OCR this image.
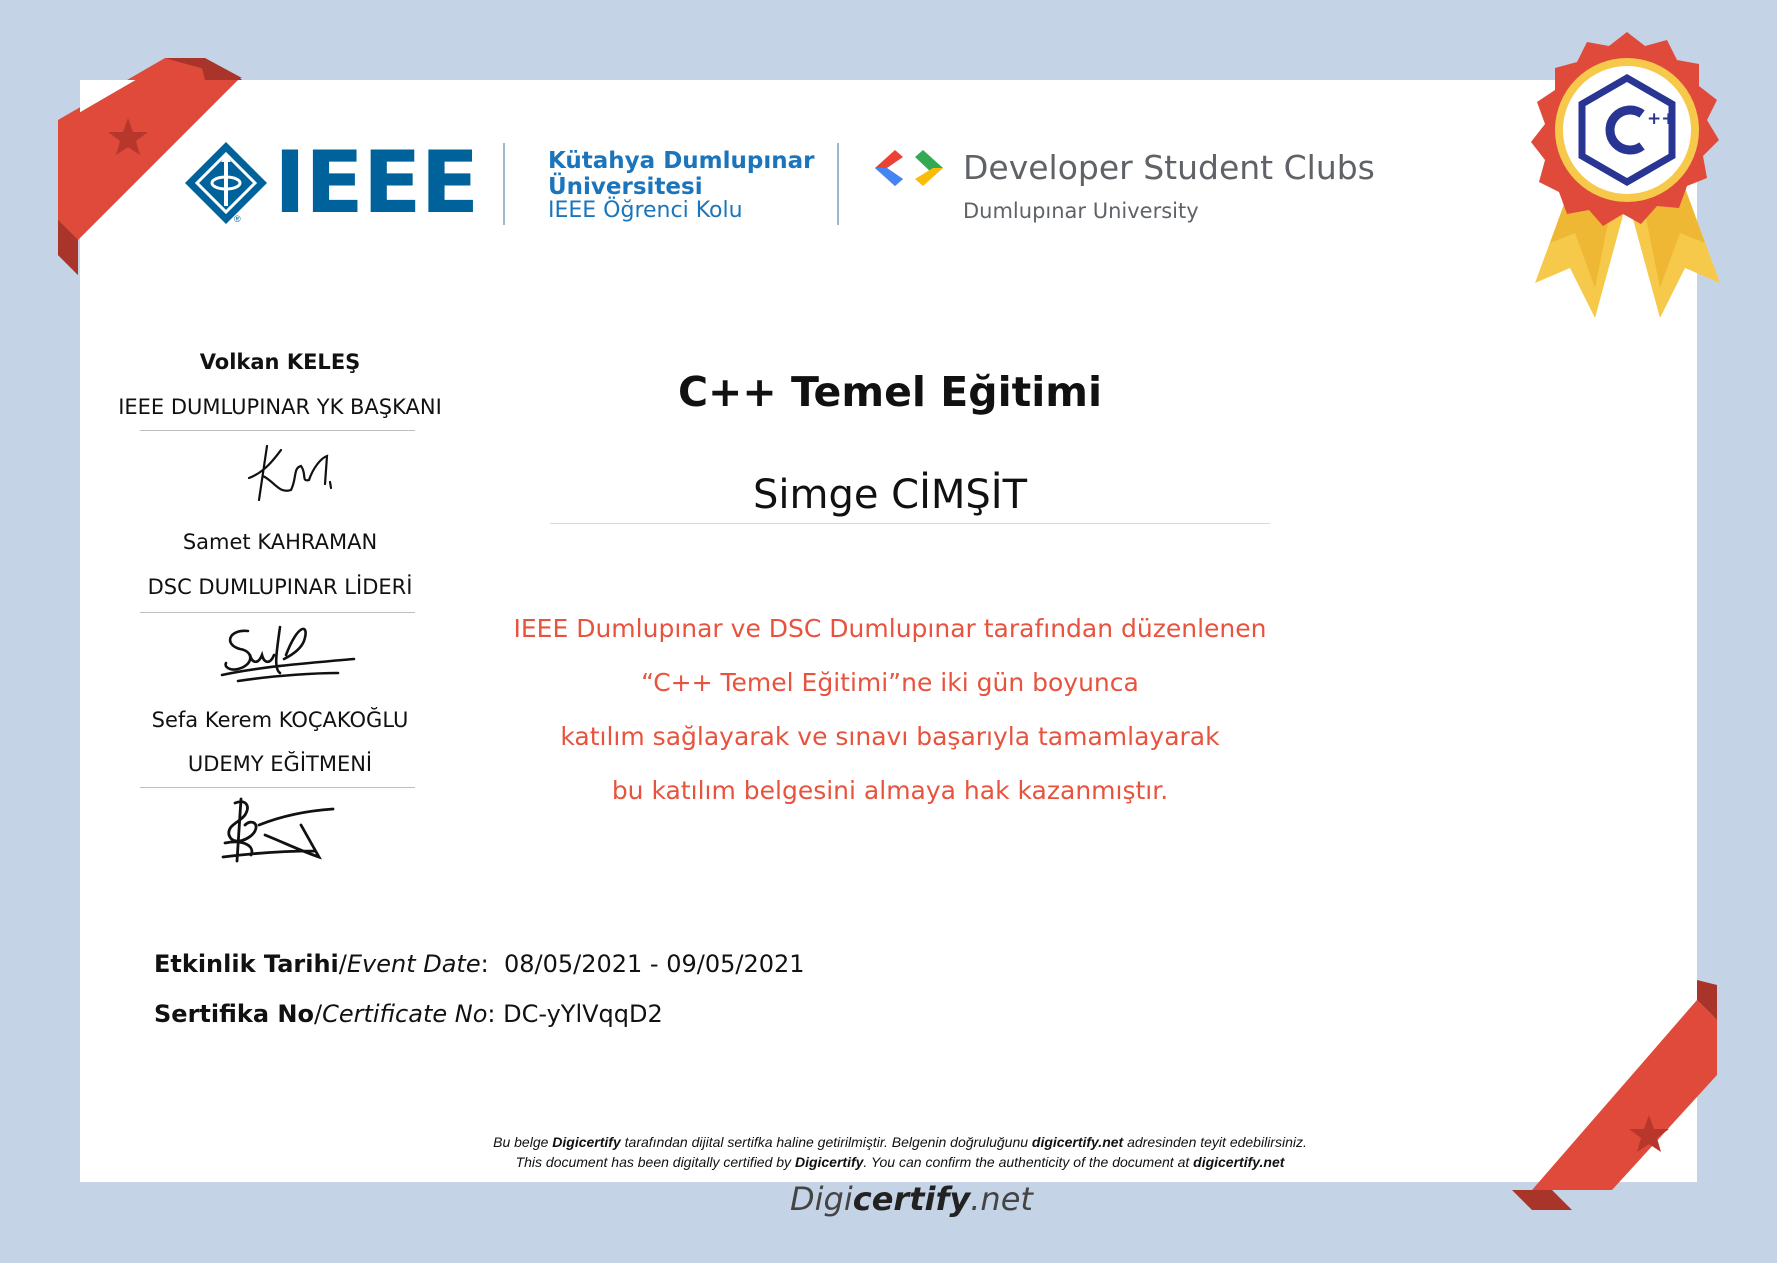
++
IEEE
®
Kütahya Dumlupınar
Üniversitesi
IEEE Öğrenci Kolu
Developer Student Clubs
Dumlupınar University
Volkan KELEŞ
IEEE DUMLUPINAR YK BAŞKANI
Samet KAHRAMAN
DSC DUMLUPINAR LİDERİ
Sefa Kerem KOÇAKOĞLU
UDEMY EĞİTMENİ
C++ Temel Eğitimi
Simge CİMŞİT
IEEE Dumlupınar ve DSC Dumlupınar tarafından düzenlenen
“C++ Temel Eğitimi”ne iki gün boyunca
katılım sağlayarak ve sınavı başarıyla tamamlayarak
bu katılım belgesini almaya hak kazanmıştır.
Etkinlik Tarihi/Event Date:  08/05/2021 - 09/05/2021
Sertifika No/Certificate No: DC-yYlVqqD2
Bu belge Digicertify tarafından dijital sertifka haline getirilmiştir. Belgenin doğruluğunu digicertify.net adresinden teyit edebilirsiniz.
This document has been digitally certified by Digicertify. You can confirm the authenticity of the document at digicertify.net
Digicertify.net
